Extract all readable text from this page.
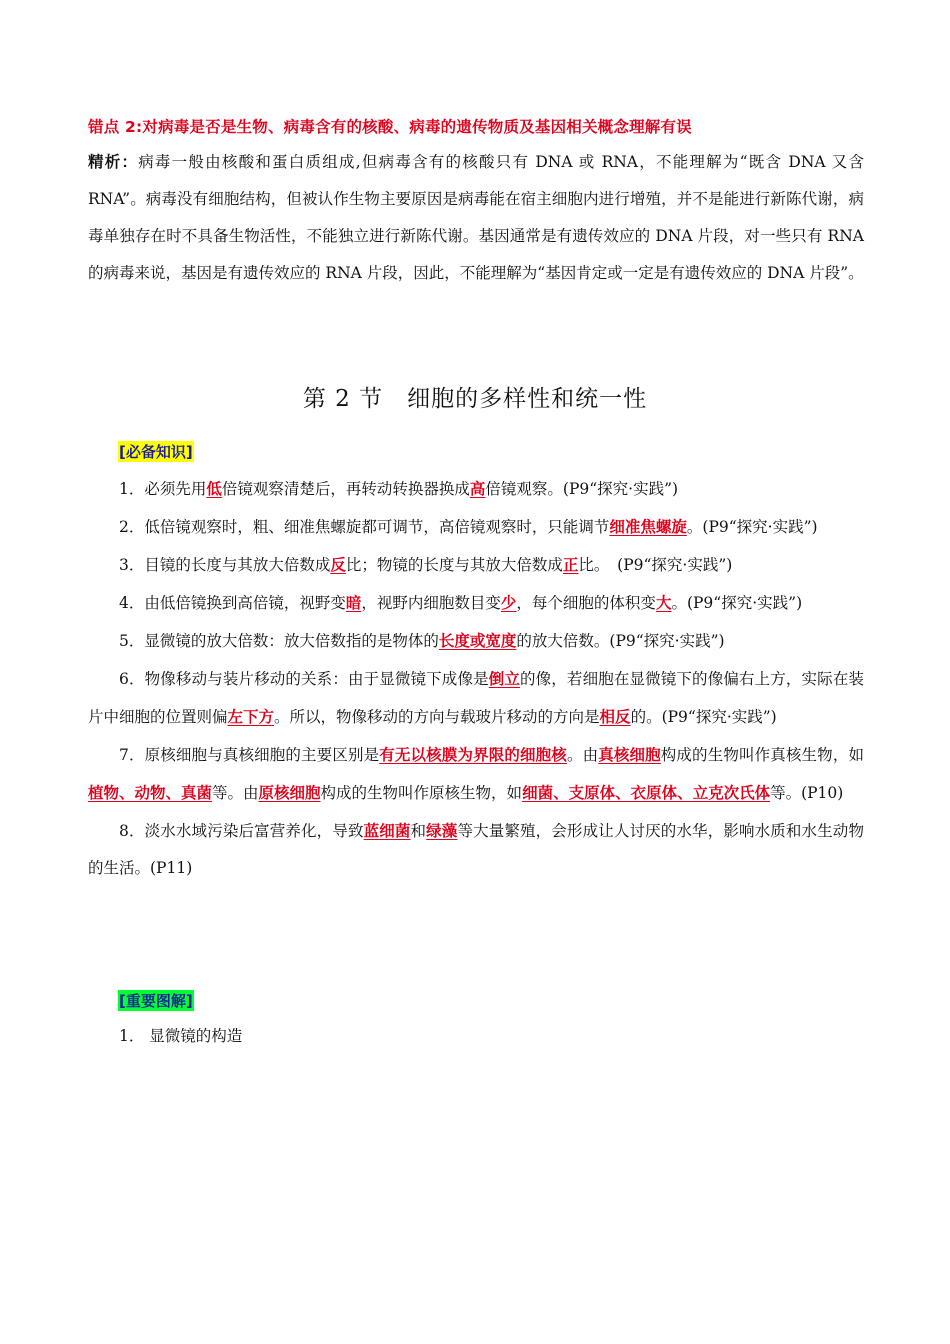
错点 2:对病毒是否是生物、病毒含有的核酸、病毒的遗传物质及基因相关概念理解有误
精析：病毒一般由核酸和蛋白质组成,但病毒含有的核酸只有 DNA 或 RNA，不能理解为“既含 DNA 又含 RNA”。病毒没有细胞结构，但被认作生物主要原因是病毒能在宿主细胞内进行增殖，并不是能进行新陈代谢，病毒单独存在时不具备生物活性，不能独立进行新陈代谢。基因通常是有遗传效应的 DNA 片段，对一些只有 RNA 的病毒来说，基因是有遗传效应的 RNA 片段，因此，不能理解为“基因肯定或一定是有遗传效应的 DNA 片段”。
第 2 节　细胞的多样性和统一性
[必备知识]
1．必须先用低倍镜观察清楚后，再转动转换器换成高倍镜观察。(P9“探究·实践”)
2．低倍镜观察时，粗、细准焦螺旋都可调节，高倍镜观察时，只能调节细准焦螺旋。(P9“探究·实践”)
3．目镜的长度与其放大倍数成反比；物镜的长度与其放大倍数成正比。　(P9“探究·实践”)
4．由低倍镜换到高倍镜，视野变暗，视野内细胞数目变少，每个细胞的体积变大。(P9“探究·实践”)
5．显微镜的放大倍数：放大倍数指的是物体的长度或宽度的放大倍数。(P9“探究·实践”)
6．物像移动与装片移动的关系：由于显微镜下成像是倒立的像，若细胞在显微镜下的像偏右上方，实际在装片中细胞的位置则偏左下方。所以，物像移动的方向与载玻片移动的方向是相反的。(P9“探究·实践”)
7．原核细胞与真核细胞的主要区别是有无以核膜为界限的细胞核。由真核细胞构成的生物叫作真核生物，如植物、动物、真菌等。由原核细胞构成的生物叫作原核生物，如细菌、支原体、衣原体、立克次氏体等。(P10)
8．淡水水域污染后富营养化，导致蓝细菌和绿藻等大量繁殖，会形成让人讨厌的水华，影响水质和水生动物的生活。(P11)
[重要图解]
1． 显微镜的构造
